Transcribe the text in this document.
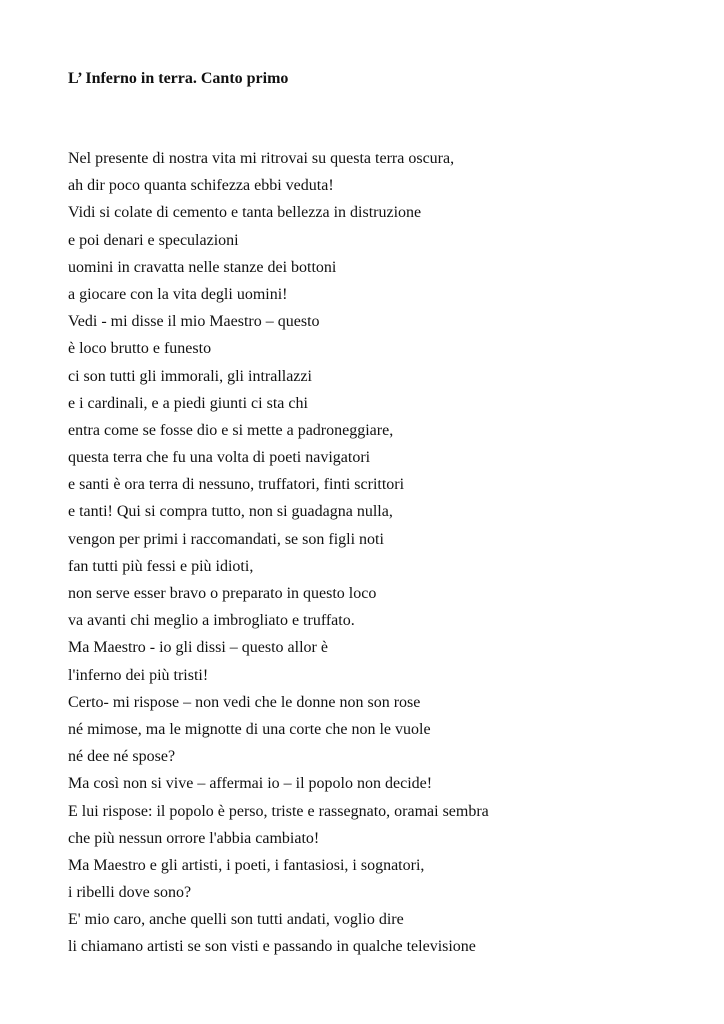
L’ Inferno in terra. Canto primo
Nel presente di nostra vita mi ritrovai su questa terra oscura,
ah dir poco quanta schifezza ebbi veduta!
Vidi si colate di cemento e tanta bellezza in distruzione
e poi denari e speculazioni
uomini in cravatta nelle stanze dei bottoni
a giocare con la vita degli uomini!
Vedi - mi disse il mio Maestro – questo
è loco brutto e funesto
ci son tutti gli immorali, gli intrallazzi
e i cardinali, e a piedi giunti ci sta chi
entra come se fosse dio e si mette a padroneggiare,
questa terra che fu una volta di poeti navigatori
e santi è ora terra di nessuno, truffatori, finti scrittori
e tanti! Qui si compra tutto, non si guadagna nulla,
vengon per primi i raccomandati, se son figli noti
fan tutti più fessi e più idioti,
non serve esser bravo o preparato in questo loco
va avanti chi meglio a imbrogliato e truffato.
Ma Maestro - io gli dissi – questo allor è
l'inferno dei più tristi!
Certo- mi rispose – non vedi che le donne non son rose
né mimose, ma le mignotte di una corte che non le vuole
né dee né spose?
Ma così non si vive – affermai io – il popolo non decide!
E lui rispose: il popolo è perso, triste e rassegnato, oramai sembra
che più nessun orrore l'abbia cambiato!
Ma Maestro e gli artisti, i poeti, i fantasiosi, i sognatori,
i ribelli dove sono?
E' mio caro, anche quelli son tutti andati, voglio dire
li chiamano artisti se son visti e passando in qualche televisione
